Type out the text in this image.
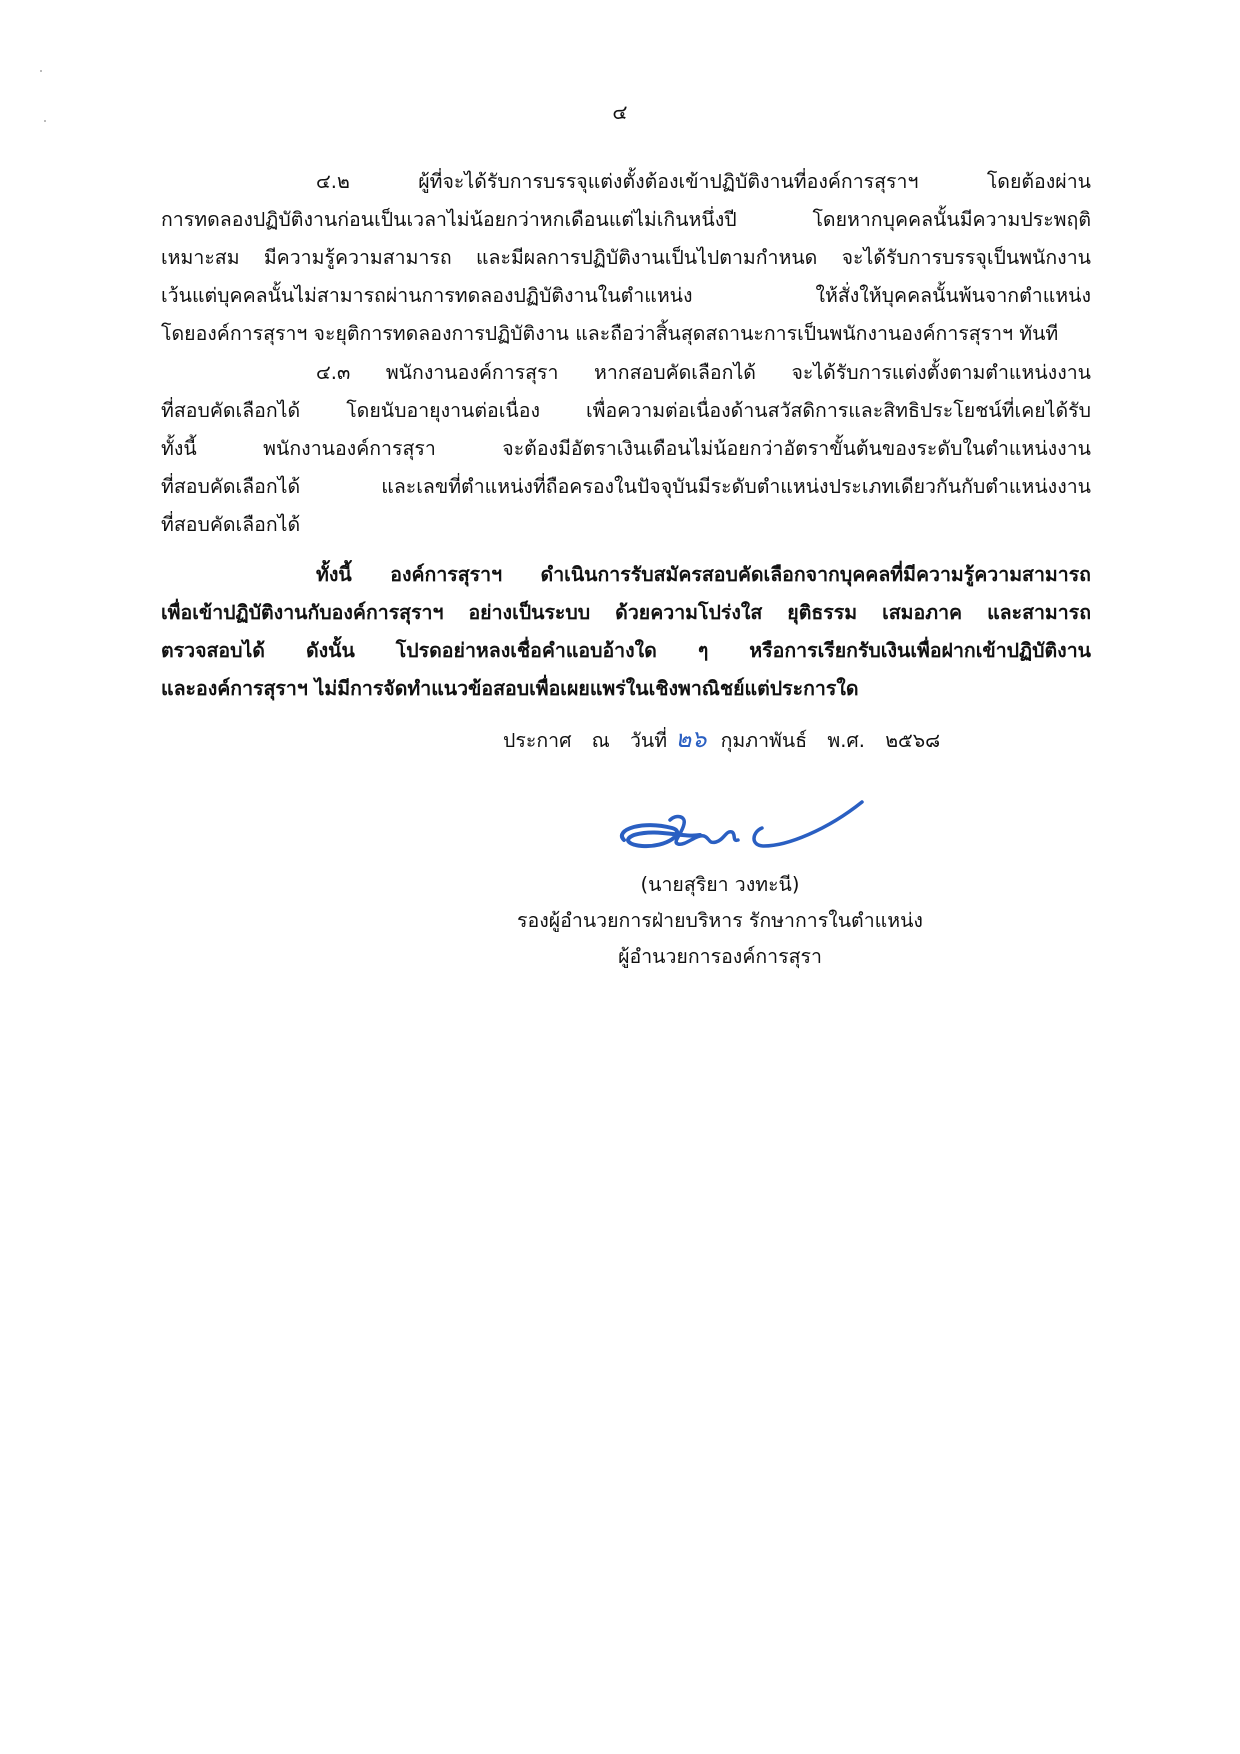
๔
๔.๒ ผู้ที่จะได้รับการบรรจุแต่งตั้งต้องเข้าปฏิบัติงานที่องค์การสุราฯ โดยต้องผ่าน
การทดลองปฏิบัติงานก่อนเป็นเวลาไม่น้อยกว่าหกเดือนแต่ไม่เกินหนึ่งปี โดยหากบุคคลนั้นมีความประพฤติ
เหมาะสม มีความรู้ความสามารถ และมีผลการปฏิบัติงานเป็นไปตามกำหนด จะได้รับการบรรจุเป็นพนักงาน
เว้นแต่บุคคลนั้นไม่สามารถผ่านการทดลองปฏิบัติงานในตำแหน่ง ให้สั่งให้บุคคลนั้นพ้นจากตำแหน่ง
โดยองค์การสุราฯ จะยุติการทดลองการปฏิบัติงาน และถือว่าสิ้นสุดสถานะการเป็นพนักงานองค์การสุราฯ ทันที
๔.๓ พนักงานองค์การสุรา หากสอบคัดเลือกได้ จะได้รับการแต่งตั้งตามตำแหน่งงาน
ที่สอบคัดเลือกได้ โดยนับอายุงานต่อเนื่อง เพื่อความต่อเนื่องด้านสวัสดิการและสิทธิประโยชน์ที่เคยได้รับ
ทั้งนี้ พนักงานองค์การสุรา จะต้องมีอัตราเงินเดือนไม่น้อยกว่าอัตราขั้นต้นของระดับในตำแหน่งงาน
ที่สอบคัดเลือกได้ และเลขที่ตำแหน่งที่ถือครองในปัจจุบันมีระดับตำแหน่งประเภทเดียวกันกับตำแหน่งงาน
ที่สอบคัดเลือกได้
ทั้งนี้ องค์การสุราฯ ดำเนินการรับสมัครสอบคัดเลือกจากบุคคลที่มีความรู้ความสามารถ
เพื่อเข้าปฏิบัติงานกับองค์การสุราฯ อย่างเป็นระบบ ด้วยความโปร่งใส ยุติธรรม เสมอภาค และสามารถ
ตรวจสอบได้ ดังนั้น โปรดอย่าหลงเชื่อคำแอบอ้างใด ๆ หรือการเรียกรับเงินเพื่อฝากเข้าปฏิบัติงาน
และองค์การสุราฯ ไม่มีการจัดทำแนวข้อสอบเพื่อเผยแพร่ในเชิงพาณิชย์แต่ประการใด
ประกาศ ณ วันที่ ๒๖ กุมภาพันธ์ พ.ศ. ๒๕๖๘
(นายสุริยา วงทะนี)
รองผู้อำนวยการฝ่ายบริหาร รักษาการในตำแหน่ง
ผู้อำนวยการองค์การสุรา
